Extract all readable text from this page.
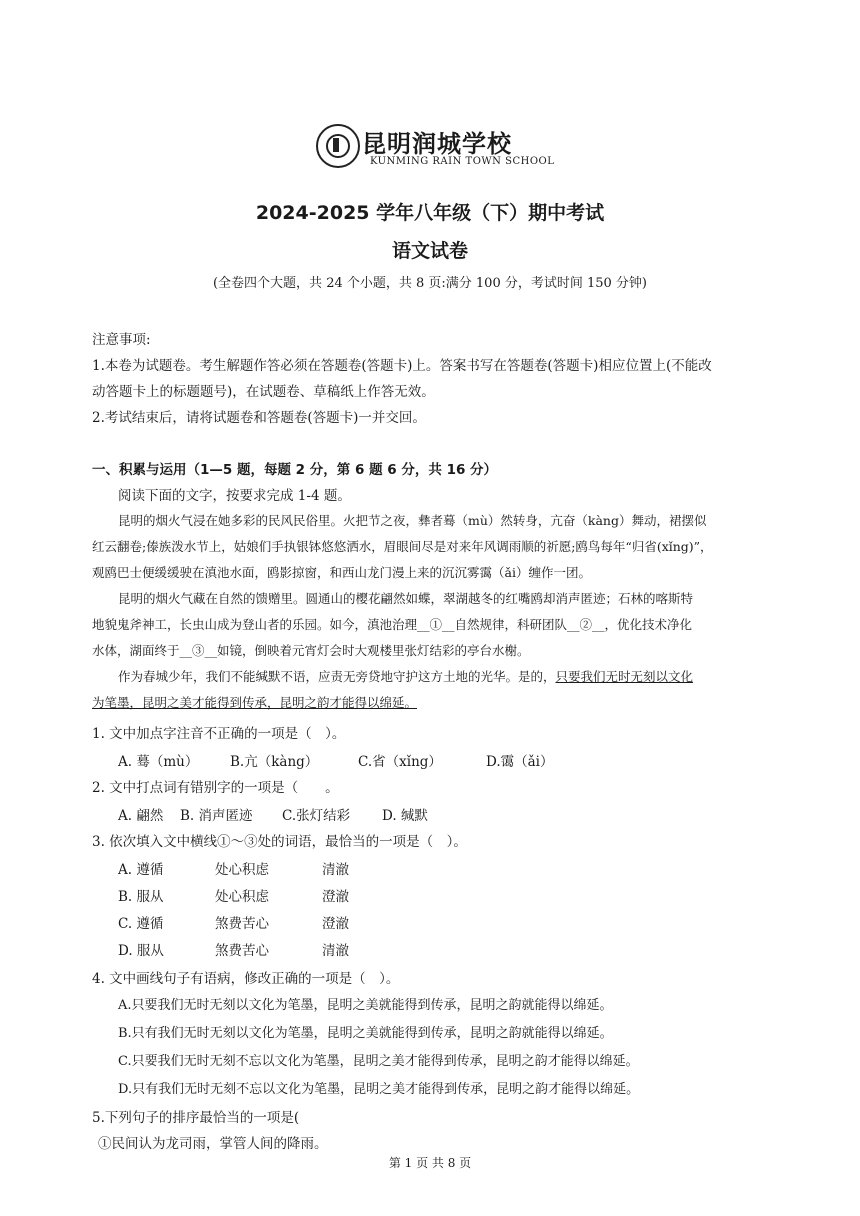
昆明润城学校
KUNMING RAIN TOWN SCHOOL
2024-2025 学年八年级（下）期中考试
语文试卷
(全卷四个大题，共 24 个小题，共 8 页:满分 100 分，考试时间 150 分钟)
注意事项:
1.本卷为试题卷。考生解题作答必须在答题卷(答题卡)上。答案书写在答题卷(答题卡)相应位置上(不能改
动答题卡上的标题题号)，在试题卷、草稿纸上作答无效。
2.考试结束后，请将试题卷和答题卷(答题卡)一并交回。
一、积累与运用（1—5 题，每题 2 分，第 6 题 6 分，共 16 分）
阅读下面的文字，按要求完成 1-4 题。
昆明的烟火气浸在她多彩的民风民俗里。火把节之夜，彝者蓦（mù）然转身，亢奋（kàng）舞动，裙摆似
红云翻卷;傣族泼水节上，姑娘们手执银钵悠悠洒水，眉眼间尽是对来年风调雨顺的祈愿;鸥鸟每年“归省(xǐng)”，
观鸥巴士便缓缓驶在滇池水面，鸥影掠窗，和西山龙门漫上来的沉沉雾霭（ǎi）缠作一团。
昆明的烟火气藏在自然的馈赠里。圆通山的樱花翩然如蝶，翠湖越冬的红嘴鸥却消声匿迹；石林的喀斯特
地貌鬼斧神工，长虫山成为登山者的乐园。如今，滇池治理__①__自然规律，科研团队__②__，优化技术净化
水体，湖面终于__③__如镜，倒映着元宵灯会时大观楼里张灯结彩的亭台水榭。
作为春城少年，我们不能缄默不语，应责无旁贷地守护这方土地的光华。是的，只要我们无时无刻以文化
为笔墨，昆明之美才能得到传承，昆明之韵才能得以绵延。
1. 文中加点字注音不正确的一项是（　）。
A. 蓦（mù） B.亢（kàng）	C.省（xǐng）	D.霭（ǎi）
2. 文中打点词有错别字的一项是（　　。
A. 翩然 B. 消声匿迹 C.张灯结彩 D. 缄默
3. 依次填入文中横线①～③处的词语，最恰当的一项是（　）。
A. 遵循	处心积虑	清澈
B. 服从	处心积虑	澄澈
C. 遵循	煞费苦心	澄澈
D. 服从	煞费苦心	清澈
4. 文中画线句子有语病，修改正确的一项是（　）。
A.只要我们无时无刻以文化为笔墨，昆明之美就能得到传承，昆明之韵就能得以绵延。
B.只有我们无时无刻以文化为笔墨，昆明之美就能得到传承，昆明之韵就能得以绵延。
C.只要我们无时无刻不忘以文化为笔墨，昆明之美才能得到传承，昆明之韵才能得以绵延。
D.只有我们无时无刻不忘以文化为笔墨，昆明之美才能得到传承，昆明之韵才能得以绵延。
5.下列句子的排序最恰当的一项是(
①民间认为龙司雨，掌管人间的降雨。
第 1 页 共 8 页
